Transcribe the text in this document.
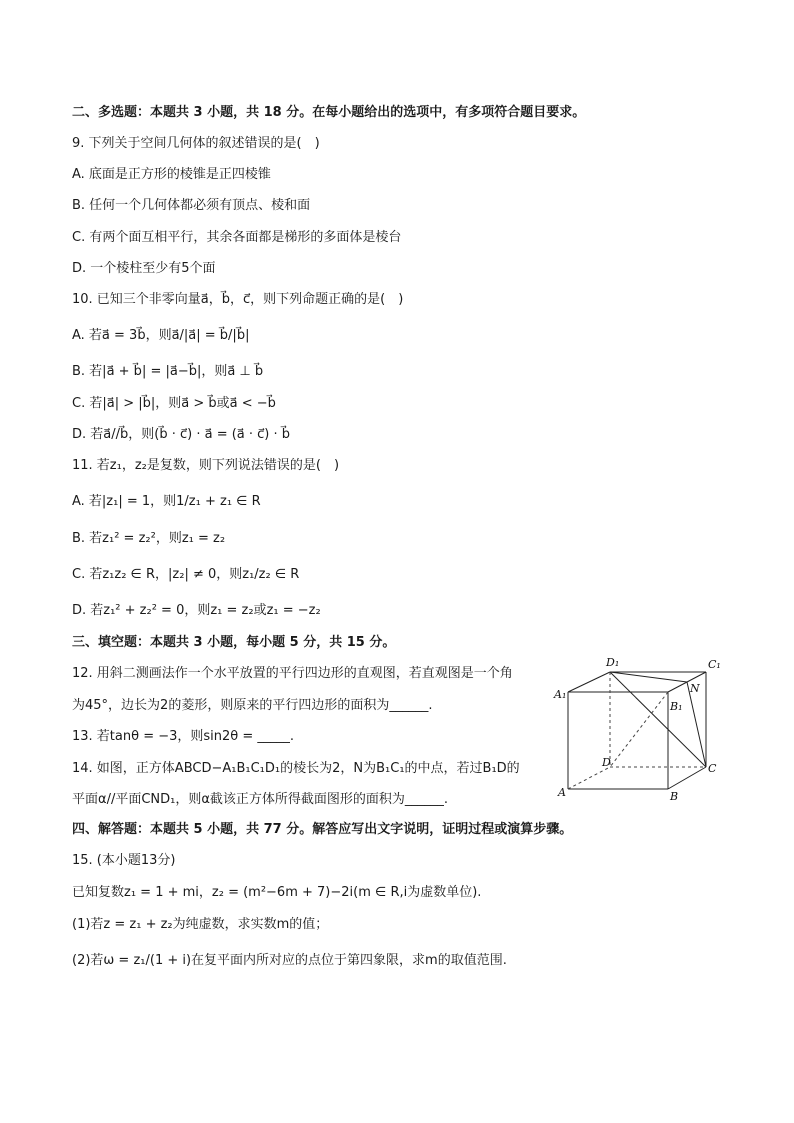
二、多选题：本题共 3 小题，共 18 分。在每小题给出的选项中，有多项符合题目要求。
9. 下列关于空间几何体的叙述错误的是(　)
A. 底面是正方形的棱锥是正四棱锥
B. 任何一个几何体都必须有顶点、棱和面
C. 有两个面互相平行，其余各面都是梯形的多面体是棱台
D. 一个棱柱至少有5个面
10. 已知三个非零向量a⃗，b⃗，c⃗，则下列命题正确的是(　)
A. 若a⃗ = 3b⃗，则a⃗/|a⃗| = b⃗/|b⃗|
B. 若|a⃗ + b⃗| = |a⃗−b⃗|，则a⃗ ⊥ b⃗
C. 若|a⃗| > |b⃗|，则a⃗ > b⃗或a⃗ < −b⃗
D. 若a⃗//b⃗，则(b⃗ · c⃗) · a⃗ = (a⃗ · c⃗) · b⃗
11. 若z₁，z₂是复数，则下列说法错误的是(　)
A. 若|z₁| = 1，则1/z₁ + z₁ ∈ R
B. 若z₁² = z₂²，则z₁ = z₂
C. 若z₁z₂ ∈ R，|z₂| ≠ 0，则z₁/z₂ ∈ R
D. 若z₁² + z₂² = 0，则z₁ = z₂或z₁ = −z₂
三、填空题：本题共 3 小题，每小题 5 分，共 15 分。
12. 用斜二测画法作一个水平放置的平行四边形的直观图，若直观图是一个角
为45°，边长为2的菱形，则原来的平行四边形的面积为______.
13. 若tanθ = −3，则sin2θ = _____.
14. 如图，正方体ABCD−A₁B₁C₁D₁的棱长为2，N为B₁C₁的中点，若过B₁D的
平面α//平面CND₁，则α截该正方体所得截面图形的面积为______.
四、解答题：本题共 5 小题，共 77 分。解答应写出文字说明，证明过程或演算步骤。
15. (本小题13分)
已知复数z₁ = 1 + mi，z₂ = (m²−6m + 7)−2i(m ∈ R,i为虚数单位).
(1)若z = z₁ + z₂为纯虚数，求实数m的值；
(2)若ω = z₁/(1 + i)在复平面内所对应的点位于第四象限，求m的取值范围.
D₁	C₁
A₁
B₁
N
D	C
A	B
